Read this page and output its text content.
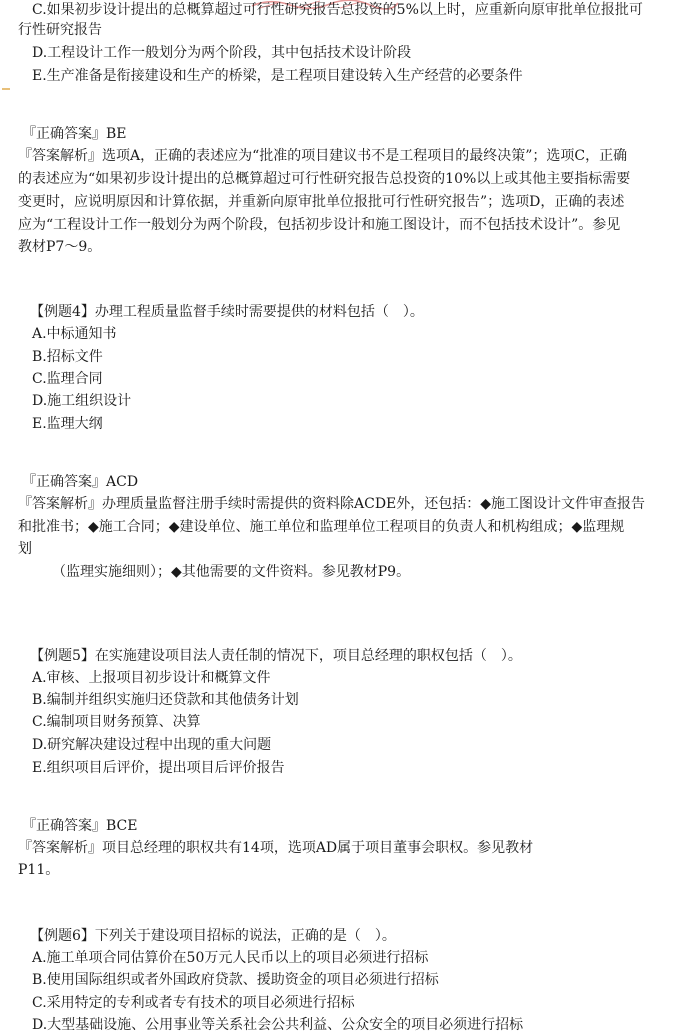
C.如果初步设计提出的总概算超过可行性研究报告总投资的5%以上时，应重新向原审批单位报批可
行性研究报告
D.工程设计工作一般划分为两个阶段，其中包括技术设计阶段
E.生产准备是衔接建设和生产的桥梁，是工程项目建设转入生产经营的必要条件
『正确答案』BE
『答案解析』选项A，正确的表述应为“批准的项目建议书不是工程项目的最终决策”；选项C，正确
的表述应为“如果初步设计提出的总概算超过可行性研究报告总投资的10%以上或其他主要指标需要
变更时，应说明原因和计算依据，并重新向原审批单位报批可行性研究报告”；选项D，正确的表述
应为“工程设计工作一般划分为两个阶段，包括初步设计和施工图设计，而不包括技术设计”。参见
教材P7～9。
【例题4】办理工程质量监督手续时需要提供的材料包括（　）。
A.中标通知书
B.招标文件
C.监理合同
D.施工组织设计
E.监理大纲
『正确答案』ACD
『答案解析』办理质量监督注册手续时需提供的资料除ACDE外，还包括：◆施工图设计文件审查报告
和批准书；◆施工合同；◆建设单位、施工单位和监理单位工程项目的负责人和机构组成；◆监理规
划
（监理实施细则）；◆其他需要的文件资料。参见教材P9。
【例题5】在实施建设项目法人责任制的情况下，项目总经理的职权包括（　）。
A.审核、上报项目初步设计和概算文件
B.编制并组织实施归还贷款和其他债务计划
C.编制项目财务预算、决算
D.研究解决建设过程中出现的重大问题
E.组织项目后评价，提出项目后评价报告
『正确答案』BCE
『答案解析』项目总经理的职权共有14项，选项AD属于项目董事会职权。参见教材
P11。
【例题6】下列关于建设项目招标的说法，正确的是（　）。
A.施工单项合同估算价在50万元人民币以上的项目必须进行招标
B.使用国际组织或者外国政府贷款、援助资金的项目必须进行招标
C.采用特定的专利或者专有技术的项目必须进行招标
D.大型基础设施、公用事业等关系社会公共利益、公众安全的项目必须进行招标
